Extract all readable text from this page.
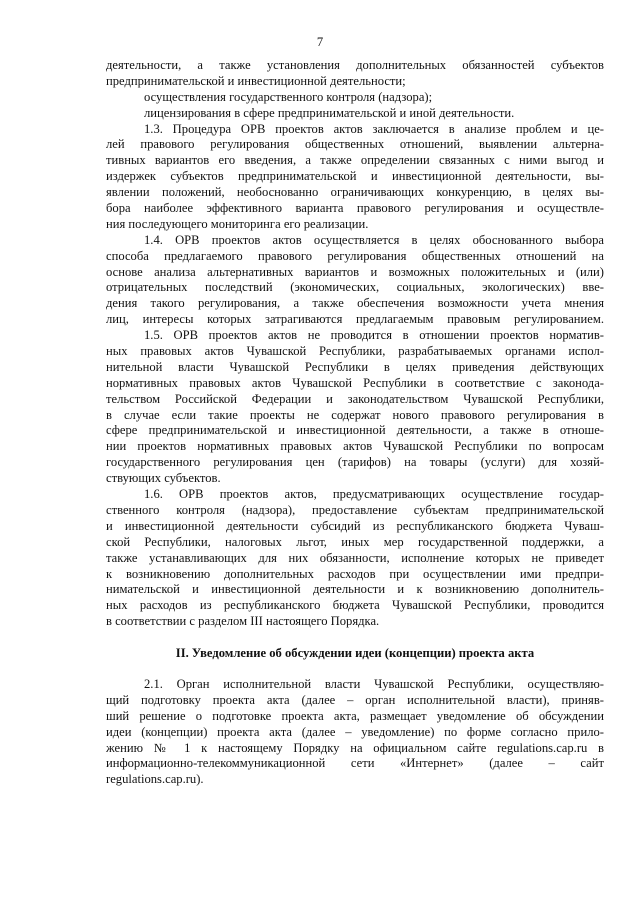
7
деятельности, а также установления дополнительных обязанностей субъектов
предпринимательской и инвестиционной деятельности;
осуществления государственного контроля (надзора);
лицензирования в сфере предпринимательской и иной деятельности.
1.3. Процедура ОРВ проектов актов заключается в анализе проблем и це-
лей правового регулирования общественных отношений, выявлении альтерна-
тивных вариантов его введения, а также определении связанных с ними выгод и
издержек субъектов предпринимательской и инвестиционной деятельности, вы-
явлении положений, необоснованно ограничивающих конкуренцию, в целях вы-
бора наиболее эффективного варианта правового регулирования и осуществле-
ния последующего мониторинга его реализации.
1.4. ОРВ проектов актов осуществляется в целях обоснованного выбора
способа предлагаемого правового регулирования общественных отношений на
основе анализа альтернативных вариантов и возможных положительных и (или)
отрицательных последствий (экономических, социальных, экологических) вве-
дения такого регулирования, а также обеспечения возможности учета мнения
лиц, интересы которых затрагиваются предлагаемым правовым регулированием.
1.5. ОРВ проектов актов не проводится в отношении проектов норматив-
ных правовых актов Чувашской Республики, разрабатываемых органами испол-
нительной власти Чувашской Республики в целях приведения действующих
нормативных правовых актов Чувашской Республики в соответствие с законода-
тельством Российской Федерации и законодательством Чувашской Республики,
в случае если такие проекты не содержат нового правового регулирования в
сфере предпринимательской и инвестиционной деятельности, а также в отноше-
нии проектов нормативных правовых актов Чувашской Республики по вопросам
государственного регулирования цен (тарифов) на товары (услуги) для хозяй-
ствующих субъектов.
1.6. ОРВ проектов актов, предусматривающих осуществление государ-
ственного контроля (надзора), предоставление субъектам предпринимательской
и инвестиционной деятельности субсидий из республиканского бюджета Чуваш-
ской Республики, налоговых льгот, иных мер государственной поддержки, а
также устанавливающих для них обязанности, исполнение которых не приведет
к возникновению дополнительных расходов при осуществлении ими предпри-
нимательской и инвестиционной деятельности и к возникновению дополнитель-
ных расходов из республиканского бюджета Чувашской Республики, проводится
в соответствии с разделом III настоящего Порядка.
II. Уведомление об обсуждении идеи (концепции) проекта акта
2.1. Орган исполнительной власти Чувашской Республики, осуществляю-
щий подготовку проекта акта (далее – орган исполнительной власти), приняв-
ший решение о подготовке проекта акта, размещает уведомление об обсуждении
идеи (концепции) проекта акта (далее – уведомление) по форме согласно прило-
жению № 1 к настоящему Порядку на официальном сайте regulations.cap.ru в
информационно-телекоммуникационной сети «Интернет» (далее – сайт
regulations.cap.ru).
